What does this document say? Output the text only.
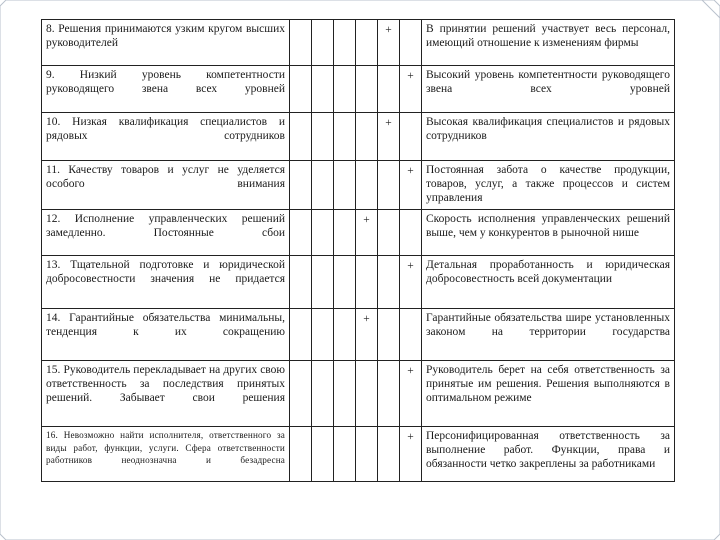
8. Решения принимаются узким кругом высших руководителей					+		В принятии решений участвует весь персонал, имеющий отношение к изменениям фирмы
9. Низкий уровень компетентности руководящего звена всех уровней						+	Высокий уровень компетентности руководящего звена всех уровней
10. Низкая квалификация специалистов и рядовых сотрудников					+		Высокая квалификация специалистов и рядовых сотрудников
11. Качеству товаров и услуг не уделяется особого внимания						+	Постоянная забота о качестве продукции, товаров, услуг, а также процессов и систем управления
12. Исполнение управленческих решений замедленно. Постоянные сбои				+			Скорость исполнения управленческих решений выше, чем у конкурентов в рыночной нише
13. Тщательной подготовке и юридической добросовестности значения не придается						+	Детальная проработанность и юридическая добросовестность всей документации
14. Гарантийные обязательства минимальны, тенденция к их сокращению				+			Гарантийные обязательства шире установленных законом на территории государства
15. Руководитель перекладывает на других свою ответственность за последствия принятых решений. Забывает свои решения						+	Руководитель берет на себя ответственность за принятые им решения. Решения выполняются в оптимальном режиме
16. Невозможно найти исполнителя, ответственного за виды работ, функции, услуги. Сфера ответственности работников неоднозначна и безадресна						+	Персонифицированная ответственность за выполнение работ. Функции, права и обязанности четко закреплены за работниками
